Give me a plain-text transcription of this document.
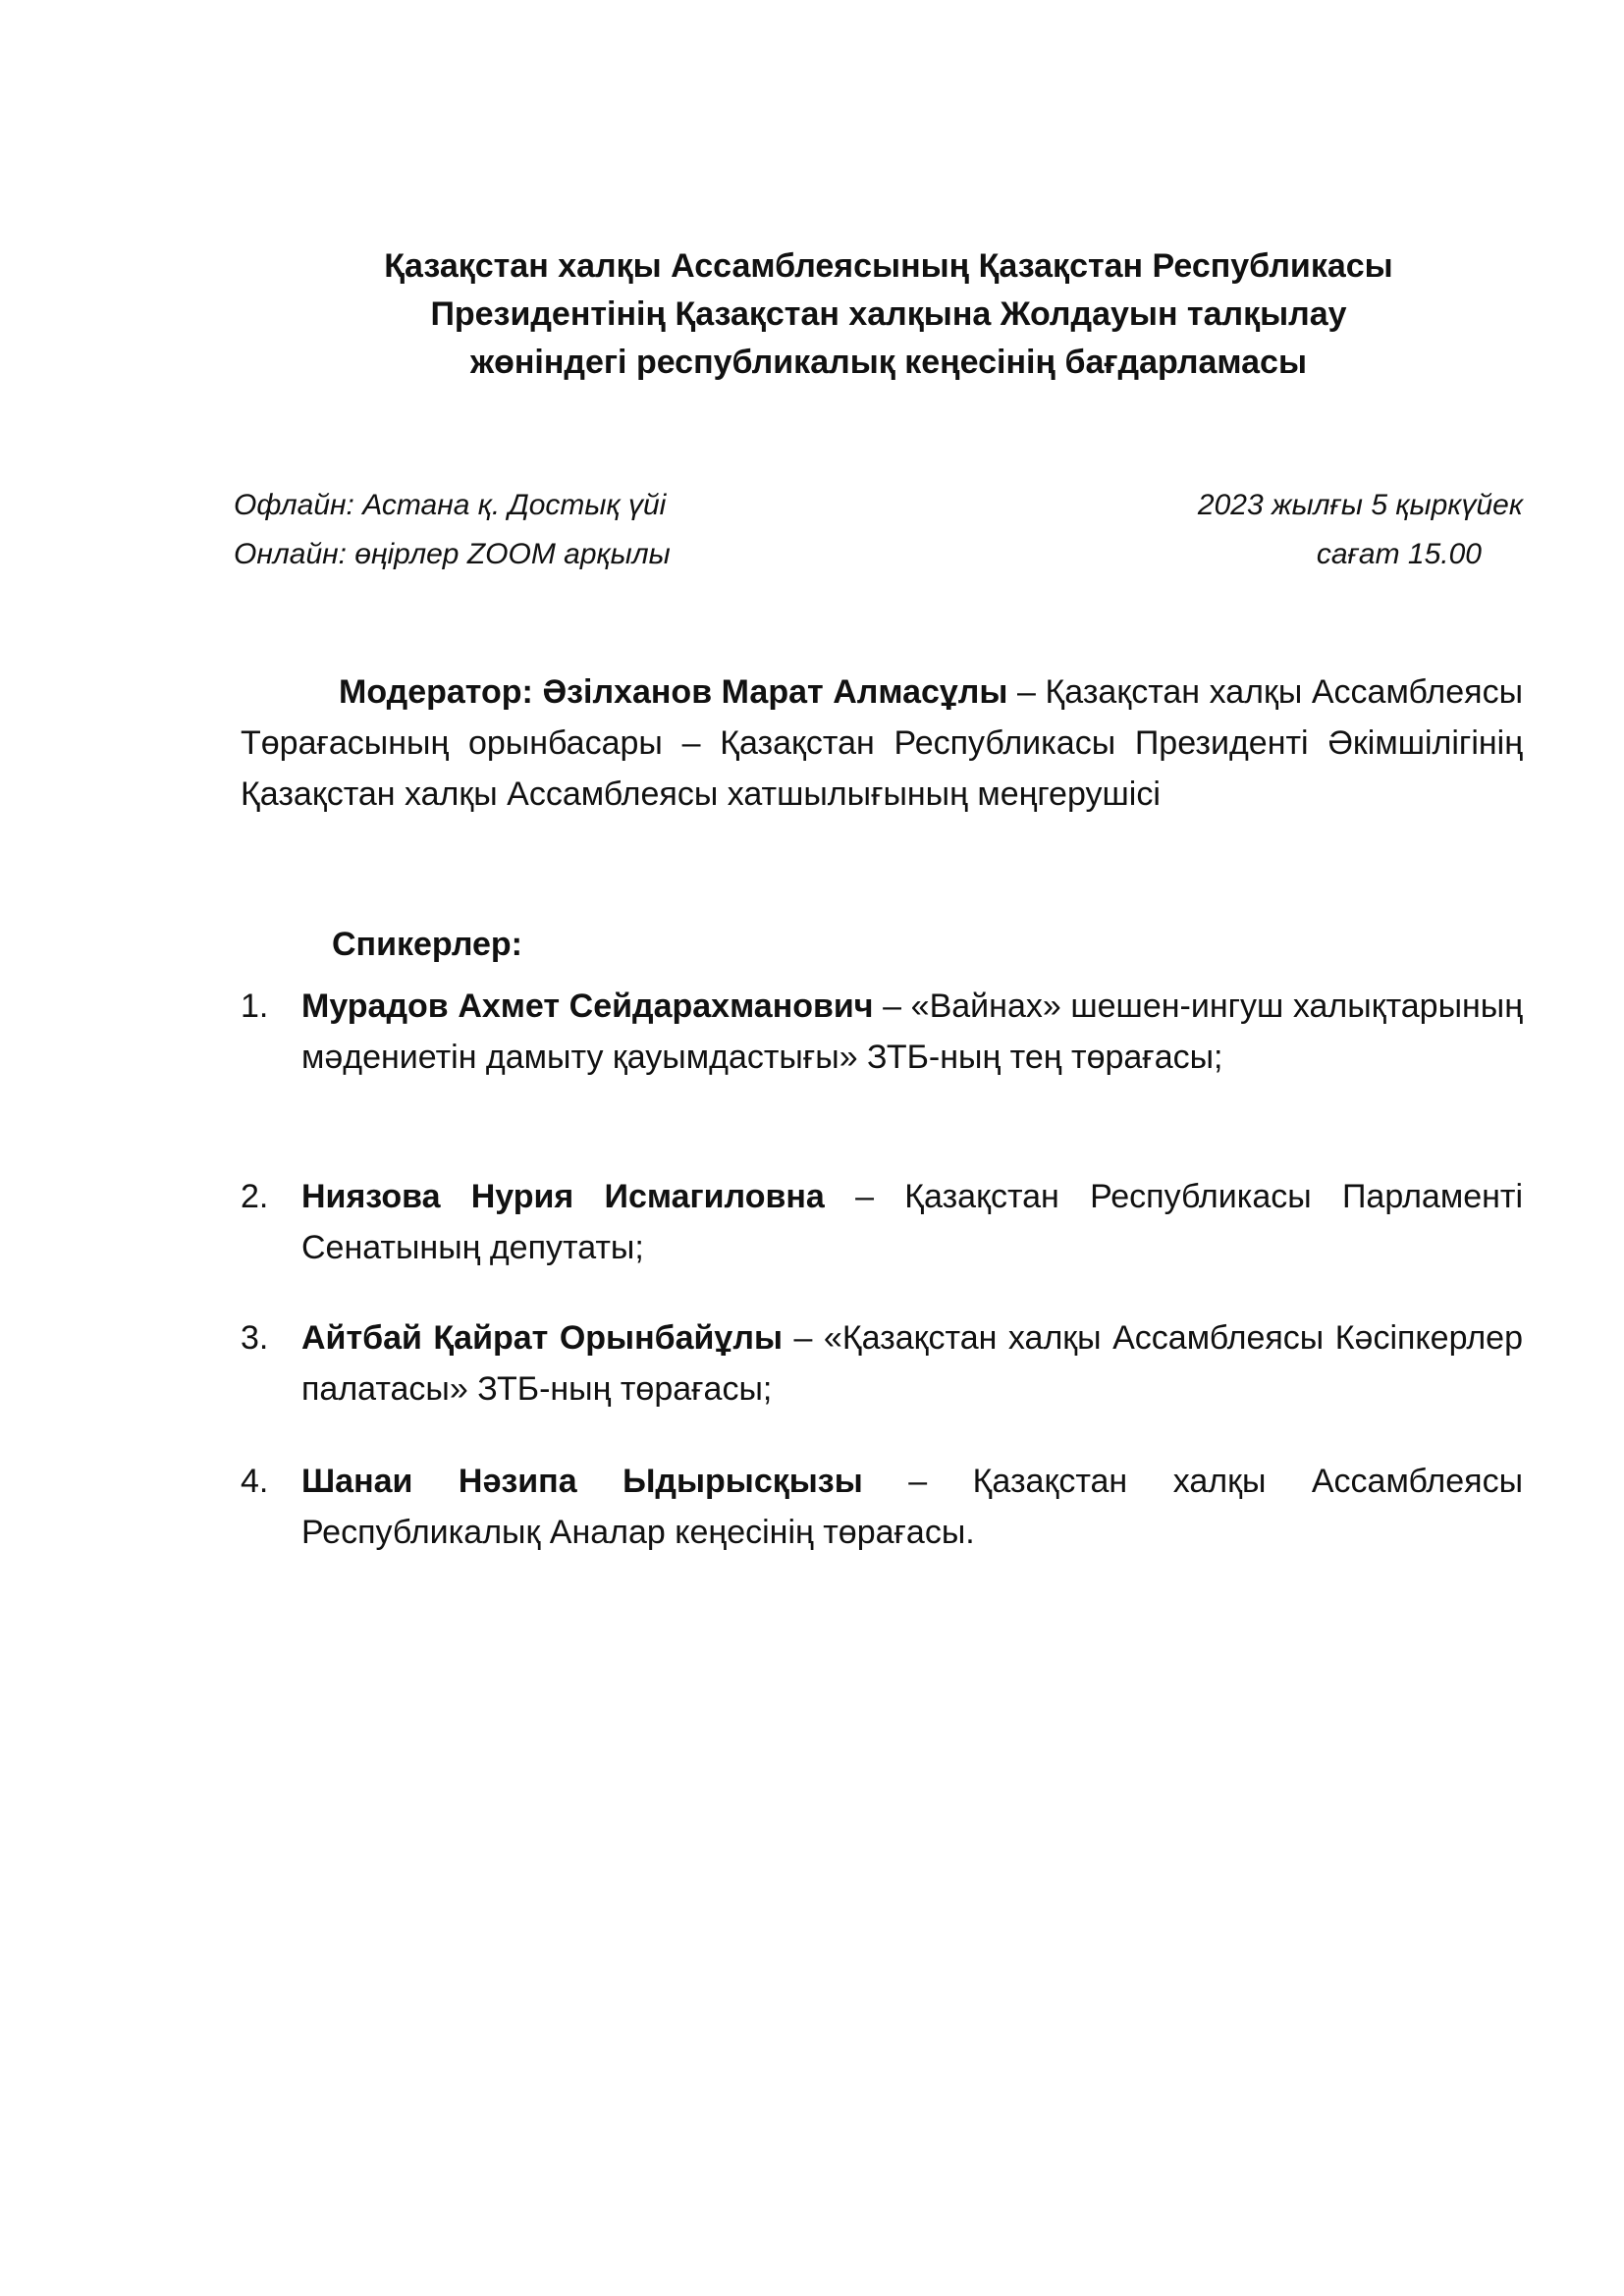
Қазақстан халқы Ассамблеясының Қазақстан Республикасы
Президентінің Қазақстан халқына Жолдауын талқылау
жөніндегі республикалық кеңесінің бағдарламасы
Офлайн: Астана қ. Достық үйі	2023 жылғы 5 қыркүйек
Онлайн: өңірлер ZOOM арқылы	сағат 15.00

Модератор: Әзілханов Марат Алмасұлы – Қазақстан халқы Ассамблеясы Төрағасының орынбасары – Қазақстан Республикасы Президенті Әкімшілігінің Қазақстан халқы Ассамблеясы хатшылығының меңгерушісі

Спикерлер:

1. Мурадов Ахмет Сейдарахманович – «Вайнах» шешен-ингуш халықтарының мәдениетін дамыту қауымдастығы» ЗТБ-ның тең төрағасы;
2. Ниязова Нурия Исмагиловна – Қазақстан Республикасы Парламенті Сенатының депутаты;
3. Айтбай Қайрат Орынбайұлы – «Қазақстан халқы Ассамблеясы Кәсіпкерлер палатасы» ЗТБ-ның төрағасы;
4. Шанаи Нәзипа Ыдырысқызы – Қазақстан халқы Ассамблеясы Республикалық Аналар кеңесінің төрағасы.
